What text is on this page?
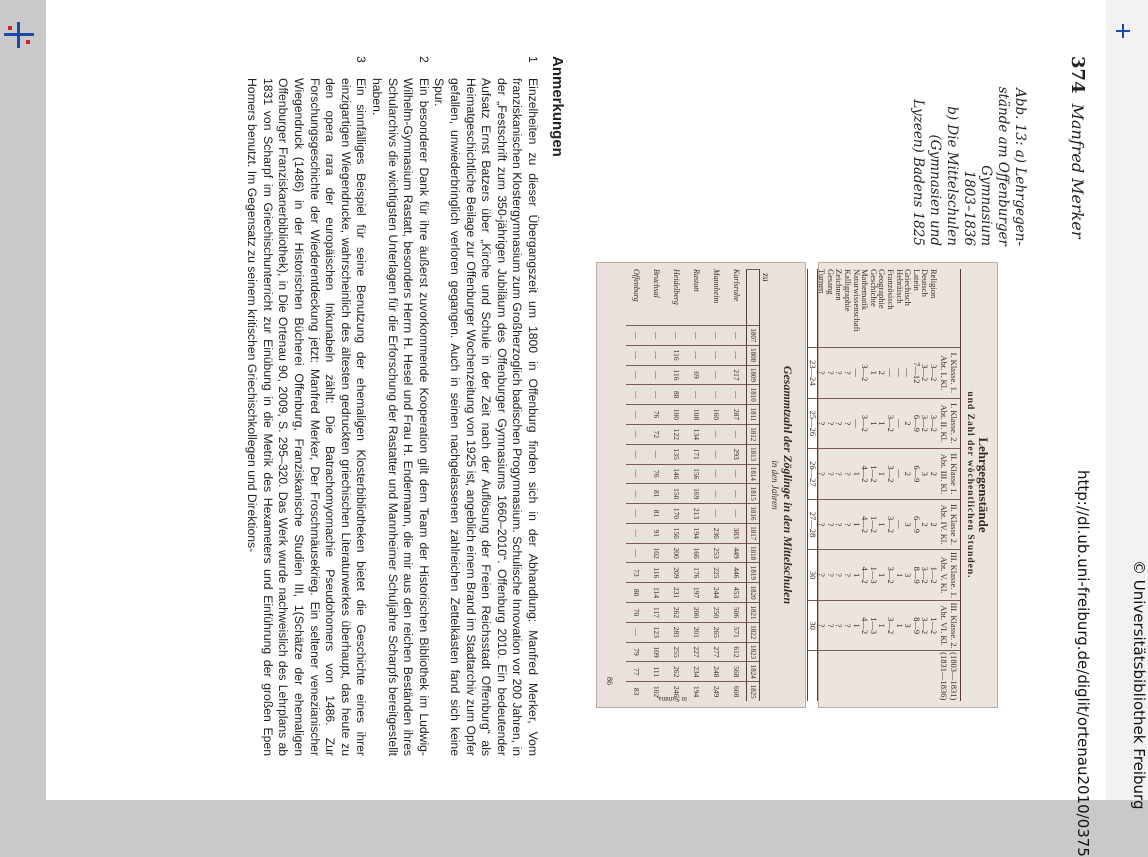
374Manfred Merker
Abb. 13: a) Lehrgegen-
stände am Offenburger
Gymnasium
1803–1836
b) Die Mittelschulen
(Gymnasien und
Lyzeen) Badens 1825
Lehrgegenstände
und Zahl der wöchentlichen Stunden.
I. Klasse. 1. Abt. I. Kl.
I. Klasse. 2. Abt. II. Kl.
II. Klasse 1. Abt. III. Kl.
II. Klasse 2. Abt. IV. Kl.
III. Klasse. 1. Abt. V. Kl.
III. Klasse. 2. Abt. VI. Kl.
(1803—1831) (1831—1836)
Religion
3—2
3—2
2
2
1—2
1—2
Deutsch
3—2
3—2
3
2
3—2
3—2
Latein
7—12
6—9
6—9
6—9
8—9
8—9
Griechisch
—
2
2
3
3
3
Hebräisch
—
—
—
—
1
1
Französisch
—
3—2
3—2
3—2
3—2
3—2
Geographie
2
1
1
1
1
1
Geschichte
1
1
1—2
1—2
1—3
1—3
Mathematik
3—2
3—2
4—2
4—2
4—2
4—2
Naturwissenschaft
—
—
1
1
1
1
Kalligraphie
?
?
?
?
?
?
Zeichnen
?
?
?
?
?
?
Gesang
?
?
?
?
?
?
Turnen
?
?
?
?
?
?
23—24
25—26
26—27
27—28
30
30
zu
Gesammtzahl der Zöglinge in den Mittelschulen
in den Jahren
1807
1808
1809
1810
1811
1812
1813
1814
1815
1816
1817
1818
1819
1820
1821
1822
1823
1824
1825
Karlsruhe
—
—
217
—
287
—
293
—
—
—
383
449
446
453
506
571
612
568
608
Mannheim
—
—
—
—
160
—
—
—
—
—
236
253
225
244
250
265
277
248
249
Rastatt
—
—
69
—
108
134
171
156
169
213
194
166
176
197
200
201
227
234
194
Heidelberg
—
116
116
88
100
122
135
146
150
170
156
200
209
231
262
281
255
262
246
Bruchsal
—
—
—
—
76
72
—
76
81
81
91
102
116
114
117
123
109
111
102
Offenburg
—
—
—
—
—
—
—
—
—
—
—
—
73
80
70
—
79
77
83
in Summa.
86
Anmerkungen
1
Einzelheiten zu dieser Übergangszeit um 1800 in Offenburg finden sich in der Abhandlung: Manfred Merker, Vom franziskanischen Klostergymnasium zum Großherzoglich badischen Progymnasium. Schulische Innovation vor 200 Jahren, in der „Festschrift zum 350-jährigen Jubiläum des Offenburger Gymnasiums 1660–2010“. Offenburg 2010. Ein bedeutender Aufsatz Ernst Batzers über „Kirche und Schule in der Zeit nach der Auflösung der Freien Reichsstadt Offenburg“ als Heimatgeschichtliche Beilage zur Offenburger Wochenzeitung von 1925 ist, angeblich einem Brand im Stadtarchiv zum Opfer gefallen, unwiederbringlich verloren gegangen. Auch in seinen nachgelassenen zahlreichen Zettelkästen fand sich keine Spur.
2
Ein besonderer Dank für ihre äußerst zuvorkommende Kooperation gilt dem Team der Historischen Bibliothek im Ludwig-Wilhelm-Gymnasium Rastatt, besonders Herrn H. Hesel und Frau H. Endermann, die mir aus den reichen Beständen ihres Schularchivs die wichtigsten Unterlagen für die Erforschung der Rastatter und Mannheimer Schuljahre Scharpfs bereitgestellt haben.
3
Ein sinnfälliges Beispiel für seine Benutzung der ehemaligen Klosterbibliotheken bietet die Geschichte eines ihrer einzigartigen Wiegendrucke, wahrscheinlich des ältesten gedruckten griechischen Literaturwerkes überhaupt, das heute zu den opera rara der europäischen Inkunabeln zählt: Die Batrachomyomachie Pseudohomers von 1486. Zur Forschungsgeschichte der Wiederentdeckung jetzt: Manfred Merker, Der Froschmäusekrieg. Ein seltener venezianischer Wiegendruck (1486) in der Historischen Bücherei Offenburg, Franziskanische Studien III, 1(Schätze der ehemaligen Offenburger Franziskanerbibliothek), in Die Ortenau 90, 2009, S. 295–320. Das Werk wurde nachweislich des Lehrplans ab 1831 von Scharpf im Griechischunterricht zur Einübung in die Metrik des Hexameters und Einführung der großen Epen Homers benutzt. Im Gegensatz zu seinem kritischen Griechischkollegen und Direktions-
http://dl.ub.uni-freiburg.de/diglit/ortenau2010/0375	© Universitätsbibliothek Freiburg
